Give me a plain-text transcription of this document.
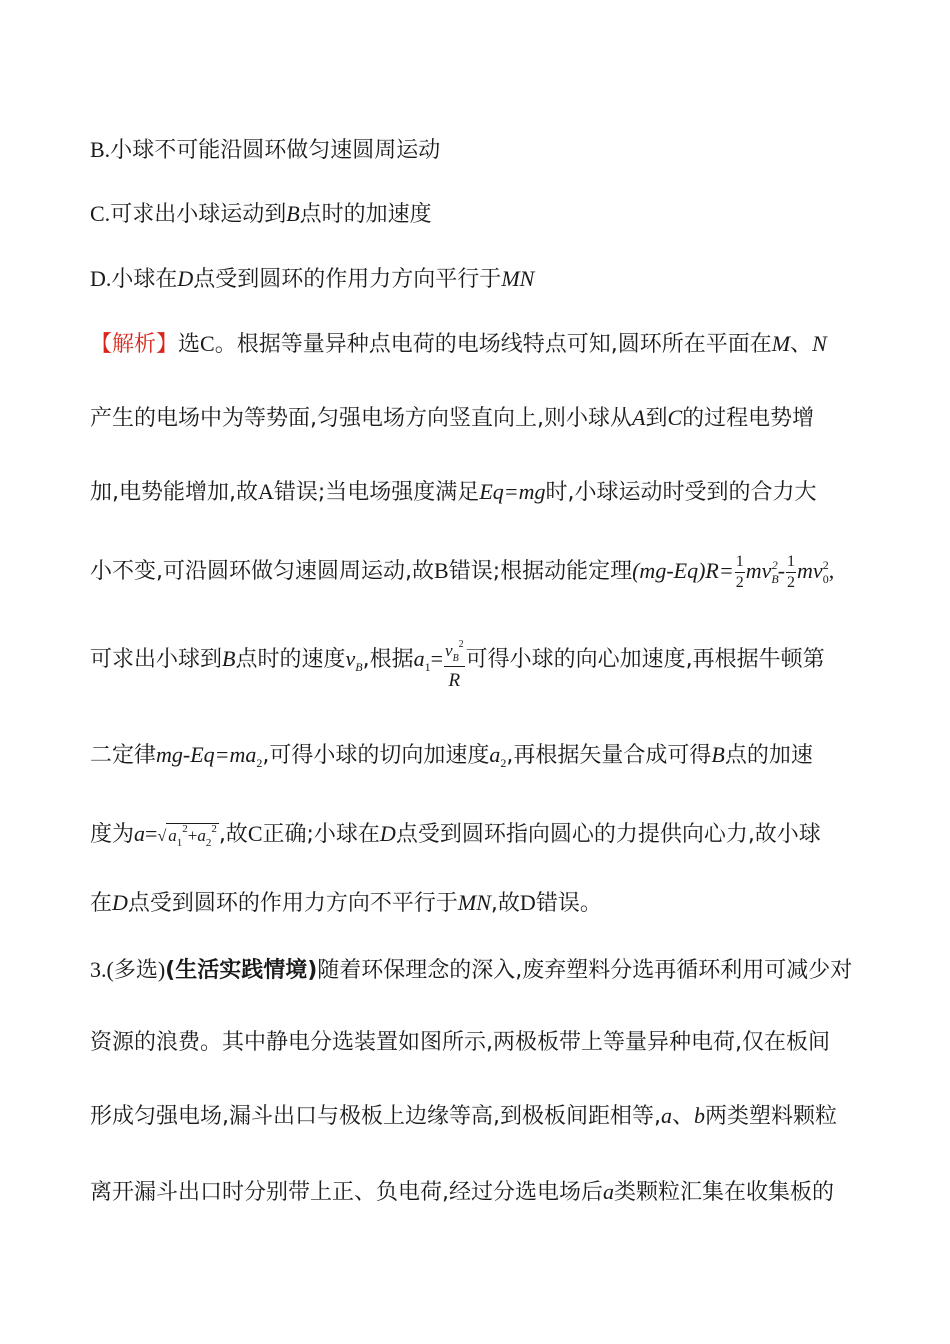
B.小球不可能沿圆环做匀速圆周运动
C.可求出小球运动到B点时的加速度
D.小球在D点受到圆环的作用力方向平行于MN
【解析】选C。根据等量异种点电荷的电场线特点可知,圆环所在平面在M、N
产生的电场中为等势面,匀强电场方向竖直向上,则小球从A到C的过程电势增
加,电势能增加,故A错误;当电场强度满足Eq=mg时,小球运动时受到的合力大
小不变,可沿圆环做匀速圆周运动,故B错误;根据动能定理$(mg-Eq)R= \frac{1}{2} mv_B^2- \frac{1}{2} mv_0^2$,
可求出小球到B点时的速度$v_B$,根据$a_1= \frac{v_B^2}{R}$ 可得小球的向心加速度,再根据牛顿第
二定律$mg-Eq=ma_2$,可得小球的切向加速度$a_2$,再根据矢量合成可得B点的加速
度为a=√ $a_1^2+a_2^2$,故C正确;小球在D点受到圆环指向圆心的力提供向心力,故小球
在D点受到圆环的作用力方向不平行于MN,故D错误。
3.(多选)(生活实践情境)随着环保理念的深入,废弃塑料分选再循环利用可减少对
资源的浪费。其中静电分选装置如图所示,两极板带上等量异种电荷,仅在板间
形成匀强电场,漏斗出口与极板上边缘等高,到极板间距相等,a、b两类塑料颗粒
离开漏斗出口时分别带上正、负电荷,经过分选电场后a类颗粒汇集在收集板的
